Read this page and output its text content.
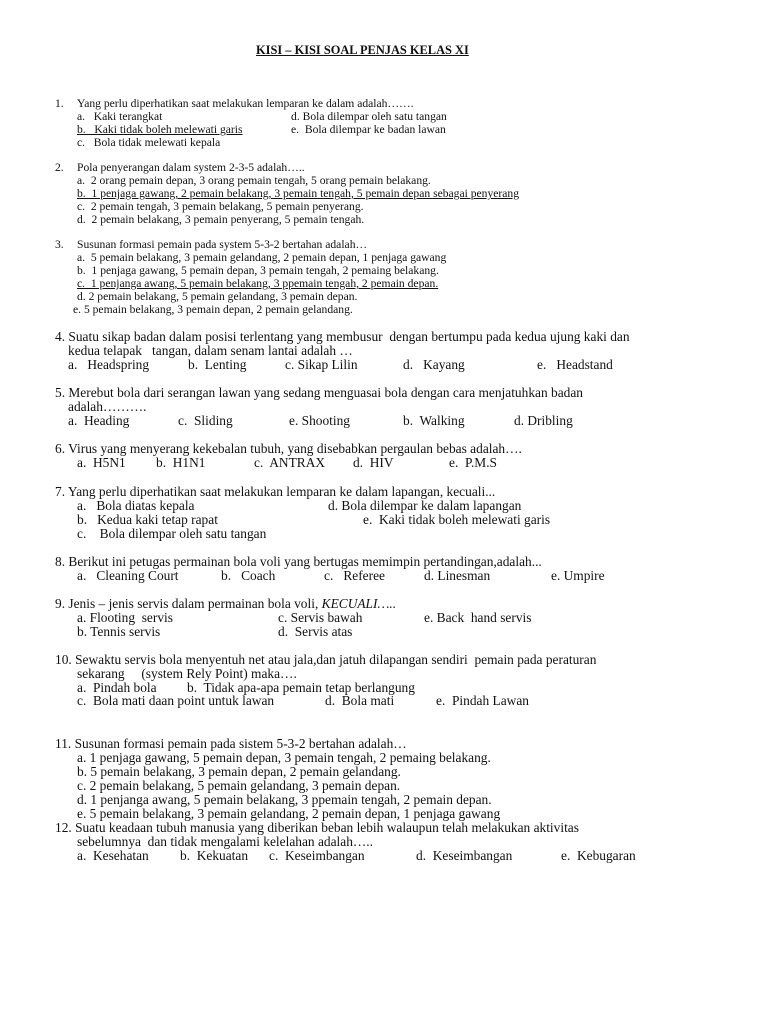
KISI – KISI SOAL PENJAS KELAS XI
1. Yang perlu diperhatikan saat melakukan lemparan ke dalam adalah…….
a.   Kaki terangkat	d. Bola dilempar oleh satu tangan
b.   Kaki tidak boleh melewati garis	e.  Bola dilempar ke badan lawan
c.   Bola tidak melewati kepala
2. Pola penyerangan dalam system 2-3-5 adalah…..
a.  2 orang pemain depan, 3 orang pemain tengah, 5 orang pemain belakang.
b.  1 penjaga gawang, 2 pemain belakang, 3 pemain tengah, 5 pemain depan sebagai penyerang
c.  2 pemain tengah, 3 pemain belakang, 5 pemain penyerang.
d.  2 pemain belakang, 3 pemain penyerang, 5 pemain tengah.
3. Susunan formasi pemain pada system 5-3-2 bertahan adalah…
a.  5 pemain belakang, 3 pemain gelandang, 2 pemain depan, 1 penjaga gawang
b.  1 penjaga gawang, 5 pemain depan, 3 pemain tengah, 2 pemaing belakang.
c.  1 penjanga awang, 5 pemain belakang, 3 ppemain tengah, 2 pemain depan.
d. 2 pemain belakang, 5 pemain gelandang, 3 pemain depan.
e. 5 pemain belakang, 3 pemain depan, 2 pemain gelandang.
4. Suatu sikap badan dalam posisi terlentang yang membusur  dengan bertumpu pada kedua ujung kaki dan
kedua telapak   tangan, dalam senam lantai adalah …
a.   Headspring	b.  Lenting	c. Sikap Lilin	d.   Kayang	e.   Headstand
5. Merebut bola dari serangan lawan yang sedang menguasai bola dengan cara menjatuhkan badan
adalah……….
a.  Heading	c.  Sliding	e. Shooting	b.  Walking	d. Dribling
6. Virus yang menyerang kekebalan tubuh, yang disebabkan pergaulan bebas adalah….
a.  H5N1 b.  H1N1	c.  ANTRAX d.  HIV	e.  P.M.S
7. Yang perlu diperhatikan saat melakukan lemparan ke dalam lapangan, kecuali...
a.   Bola diatas kepala	d. Bola dilempar ke dalam lapangan
b.   Kedua kaki tetap rapat	e.  Kaki tidak boleh melewati garis
c.    Bola dilempar oleh satu tangan
8. Berikut ini petugas permainan bola voli yang bertugas memimpin pertandingan,adalah...
a.   Cleaning Court	b.   Coach	c.   Referee	d. Linesman	e. Umpire
9. Jenis – jenis servis dalam permainan bola voli, KECUALI…..
a. Flooting  servis	c. Servis bawah	e. Back  hand servis
b. Tennis servis	d.  Servis atas
10. Sewaktu servis bola menyentuh net atau jala,dan jatuh dilapangan sendiri  pemain pada peraturan
sekarang     (system Rely Point) maka….
a.  Pindah bola b.  Tidak apa-apa pemain tetap berlangung
c.  Bola mati daan point untuk lawan	d.  Bola mati	e.  Pindah Lawan
11. Susunan formasi pemain pada sistem 5-3-2 bertahan adalah…
a. 1 penjaga gawang, 5 pemain depan, 3 pemain tengah, 2 pemaing belakang.
b. 5 pemain belakang, 3 pemain depan, 2 pemain gelandang.
c. 2 pemain belakang, 5 pemain gelandang, 3 pemain depan.
d. 1 penjanga awang, 5 pemain belakang, 3 ppemain tengah, 2 pemain depan.
e. 5 pemain belakang, 3 pemain gelandang, 2 pemain depan, 1 penjaga gawang
12. Suatu keadaan tubuh manusia yang diberikan beban lebih walaupun telah melakukan aktivitas
sebelumnya  dan tidak mengalami kelelahan adalah…..
a.  Kesehatan b.  Kekuatan c.  Keseimbangan	d.  Keseimbangan	e.  Kebugaran
